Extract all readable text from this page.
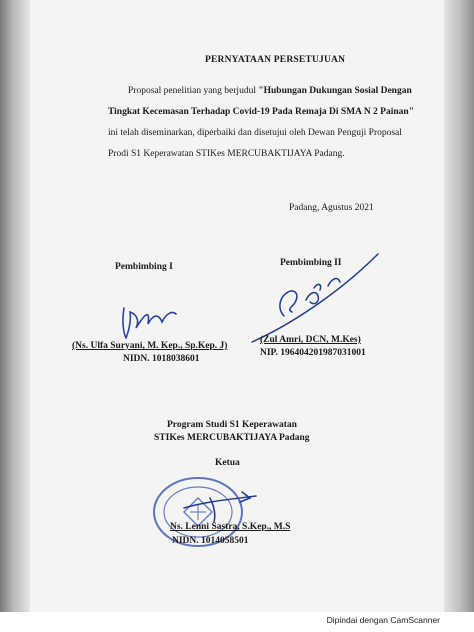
PERNYATAAN PERSETUJUAN
Proposal penelitian yang berjudul "Hubungan Dukungan Sosial Dengan
Tingkat Kecemasan Terhadap Covid-19 Pada Remaja Di SMA N 2 Painan"
ini telah diseminarkan, diperbaiki dan disetujui oleh Dewan Penguji Proposal
Prodi S1 Keperawatan STIKes MERCUBAKTIJAYA Padang.
Padang, Agustus 2021
Pembimbing I	Pembimbing II
(Ns. Ulfa Suryani, M. Kep., Sp.Kep. J)
NIDN. 1018038601
(Zul Amri, DCN, M.Kes)
NIP. 196404201987031001
Program Studi S1 Keperawatan
STIKes MERCUBAKTIJAYA Padang
Ketua
Ns. Lenni Sastra, S.Kep., M.S
NIDN. 1014058501
Dipindai dengan CamScanner
